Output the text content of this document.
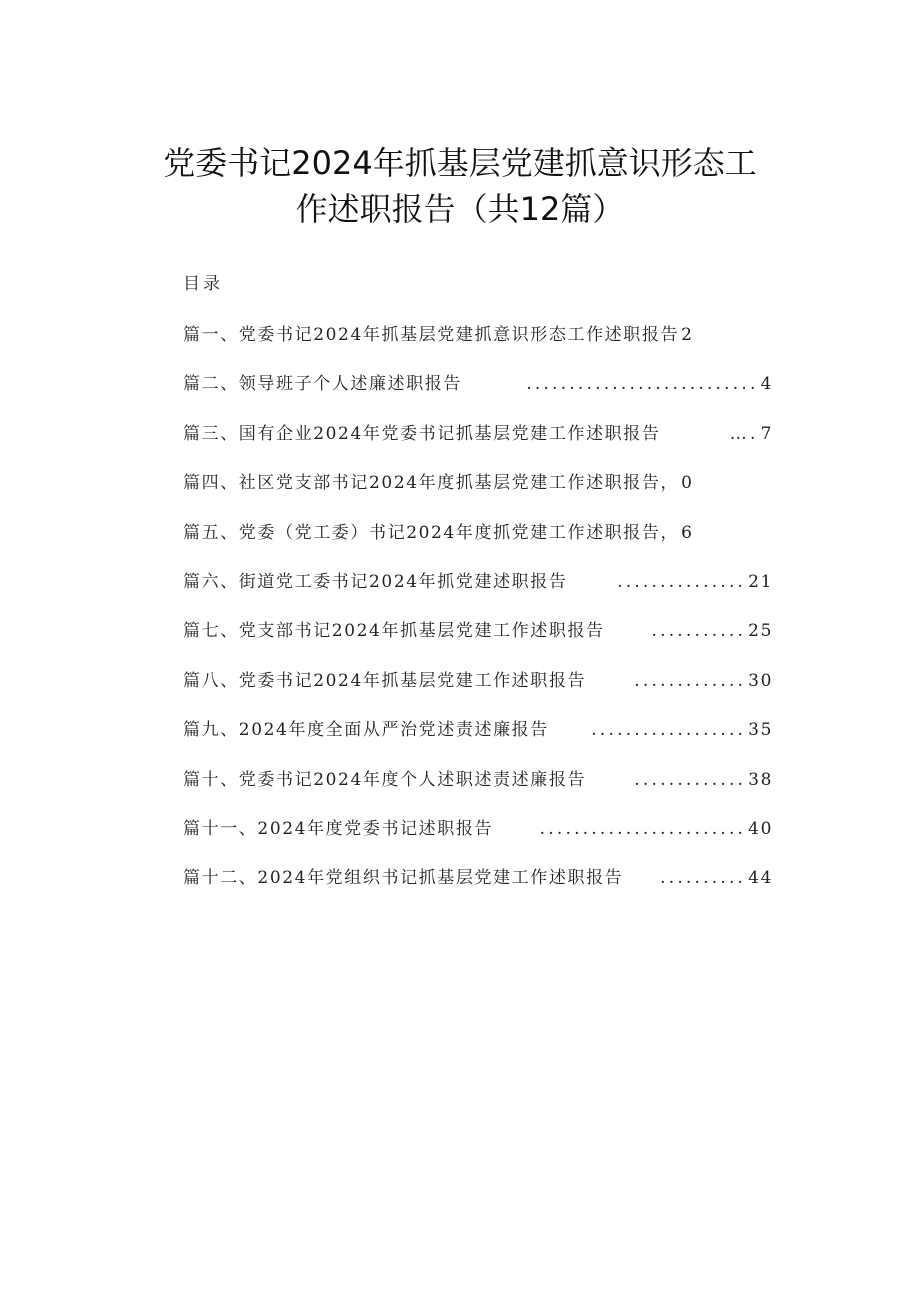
党委书记2024年抓基层党建抓意识形态工
作述职报告（共12篇）
目录
篇一、党委书记2024年抓基层党建抓意识形态工作述职报告 2
篇二、领导班子个人述廉述职报告	........................... 4
篇三、国有企业2024年党委书记抓基层党建工作述职报告	…. 7
篇四、社区党支部书记2024年度抓基层党建工作述职报告， 0
篇五、党委（党工委）书记2024年度抓党建工作述职报告， 6
篇六、街道党工委书记2024年抓党建述职报告	............... 21
篇七、党支部书记2024年抓基层党建工作述职报告	........... 25
篇八、党委书记2024年抓基层党建工作述职报告	............. 30
篇九、2024年度全面从严治党述责述廉报告	.................. 35
篇十、党委书记2024年度个人述职述责述廉报告	............. 38
篇十一、2024年度党委书记述职报告	........................ 40
篇十二、2024年党组织书记抓基层党建工作述职报告	.......... 44
